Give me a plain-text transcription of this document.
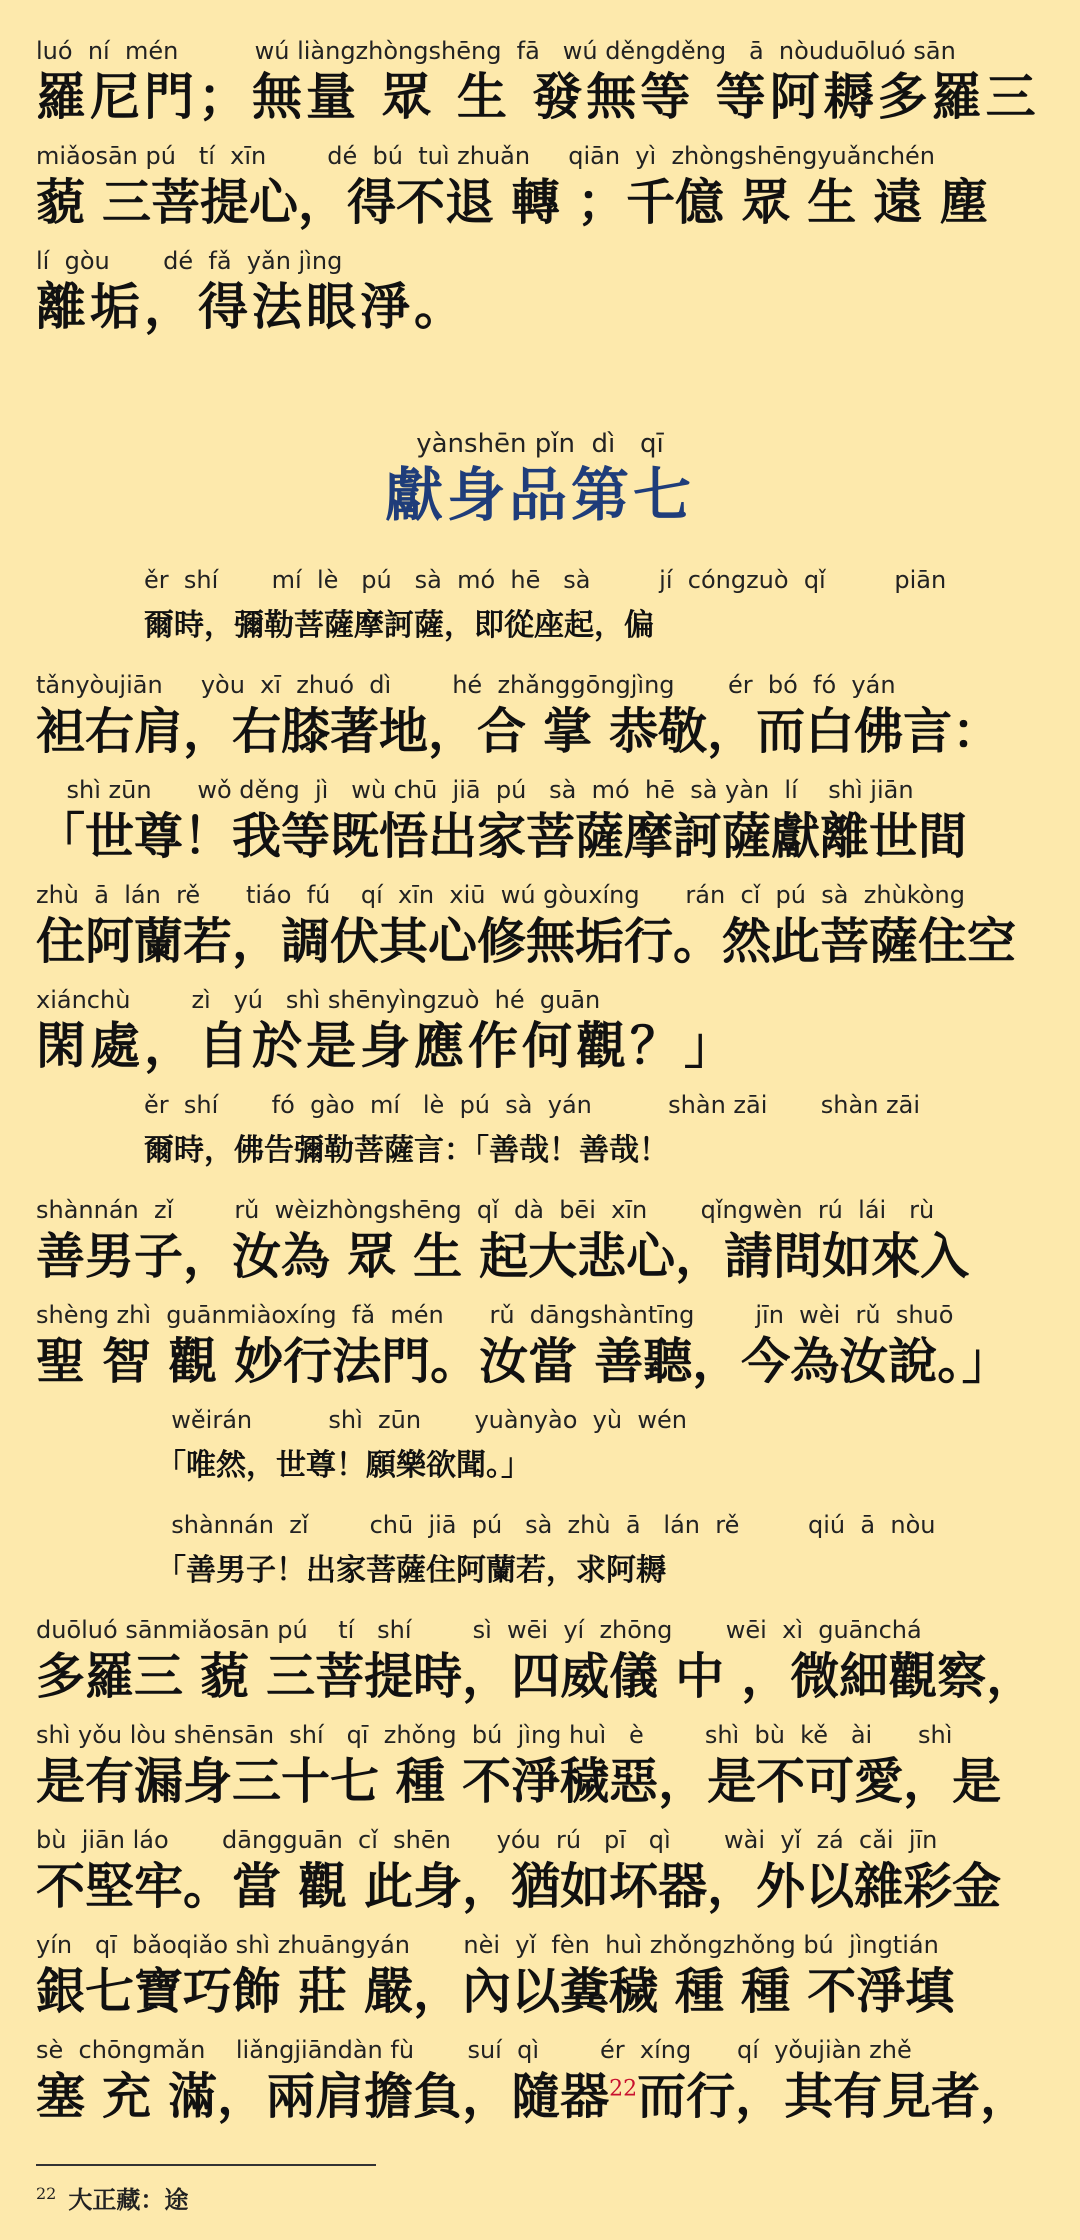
luó  ní  mén          wú liàngzhòngshēng  fā   wú děngděng   ā  nòuduōluó sān
羅尼門；無量 眾 生 發無等 等阿耨多羅三
miǎosān pú   tí  xīn        dé  bú  tuì zhuǎn     qiān  yì  zhòngshēngyuǎnchén
藐 三菩提心，得不退 轉 ；千億 眾 生 遠 塵
lí  gòu       dé  fǎ  yǎn jìng
離垢，得法眼淨。
yànshēn pǐn  dì   qī
獻身品第七
ěr  shí       mí  lè   pú   sà  mó  hē   sà         jí  cóngzuò  qǐ         piān
爾時，彌勒菩薩摩訶薩，即從座起，偏
tǎnyòujiān     yòu  xī  zhuó  dì        hé  zhǎnggōngjìng       ér  bó  fó  yán
袒右肩，右膝著地，合 掌 恭敬，而白佛言：
shì zūn      wǒ děng  jì   wù chū  jiā  pú   sà  mó  hē  sà yàn  lí    shì jiān
「世尊！我等既悟出家菩薩摩訶薩獻離世間
zhù  ā  lán  rě      tiáo  fú    qí  xīn  xiū  wú gòuxíng      rán  cǐ  pú  sà  zhùkòng
住阿蘭若，調伏其心修無垢行。然此菩薩住空
xiánchù        zì   yú   shì shēnyìngzuò  hé  guān
閑處，自於是身應作何觀？」
ěr  shí       fó  gào  mí   lè  pú  sà  yán          shàn zāi       shàn zāi
爾時，佛告彌勒菩薩言：「善哉！善哉！
shànnán  zǐ        rǔ  wèizhòngshēng  qǐ  dà  bēi  xīn       qǐngwèn  rú  lái   rù
善男子，汝為 眾 生 起大悲心，請問如來入
shèng zhì  guānmiàoxíng  fǎ  mén      rǔ  dāngshàntīng        jīn  wèi  rǔ  shuō
聖 智 觀 妙行法門。汝當 善聽，今為汝說。」
wěirán          shì  zūn       yuànyào  yù  wén
「唯然，世尊！願樂欲聞。」
shànnán  zǐ        chū  jiā  pú   sà  zhù  ā   lán  rě         qiú  ā  nòu
「善男子！出家菩薩住阿蘭若，求阿耨
duōluó sānmiǎosān pú    tí   shí        sì  wēi  yí  zhōng       wēi  xì  guānchá
多羅三 藐 三菩提時，四威儀 中 ，微細觀察，
shì yǒu lòu shēnsān  shí   qī  zhǒng  bú  jìng huì   è        shì  bù  kě   ài      shì
是有漏身三十七 種 不淨穢惡，是不可愛，是
bù  jiān láo       dāngguān  cǐ  shēn      yóu  rú   pī   qì       wài  yǐ  zá  cǎi  jīn
不堅牢。當 觀 此身，猶如坏器，外以雜彩金
yín   qī  bǎoqiǎo shì zhuāngyán       nèi  yǐ  fèn  huì zhǒngzhǒng bú  jìngtián
銀七寶巧飾 莊 嚴，內以糞穢 種 種 不淨填
sè  chōngmǎn    liǎngjiāndàn fù       suí  qì        ér  xíng      qí  yǒujiàn zhě
塞 充 滿，兩肩擔負，隨器$^{22}$而行，其有見者，
$^{22}$ 大正藏：途
